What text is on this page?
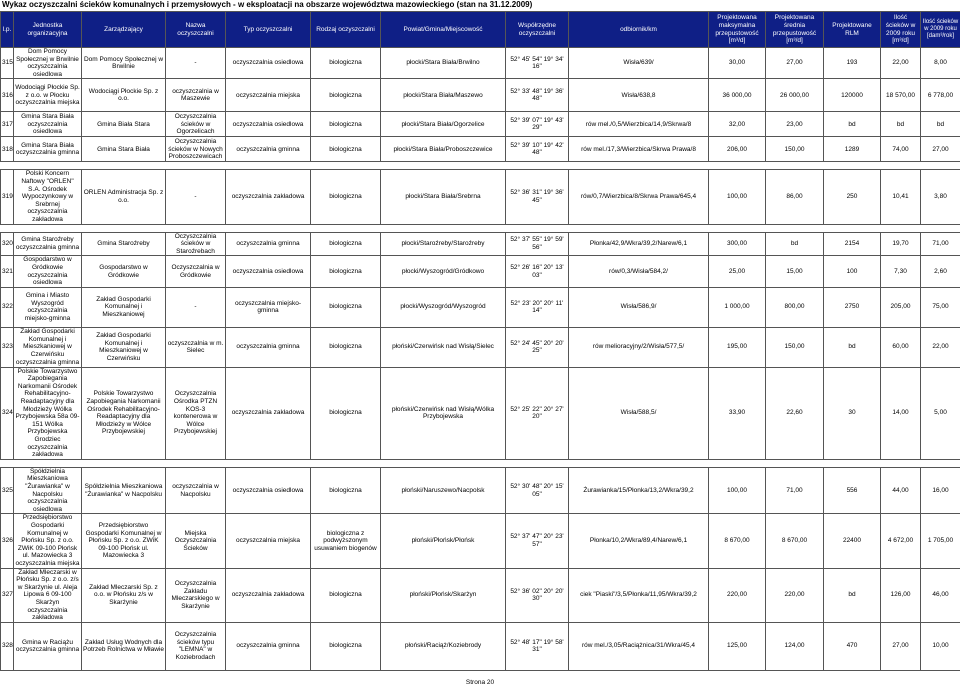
Wykaz oczyszczalni ścieków komunalnych i przemysłowych - w eksploatacji na obszarze województwa mazowieckiego (stan na 31.12.2009)
l.p.	Jednostka organizacyjna	Zarządzający	Nazwa oczyszczalni	Typ oczyszczalni	Rodzaj oczyszczalni	Powiat/Gmina/Miejscowość	Współrzędne oczyszczalni	odbiornik/km	Projektowana maksymalna przepustowość [m³/d]	Projektowana średnia przepustowość [m³/d]	Projektowane RLM	Ilość ścieków w 2009 roku [m³/d]	Ilość ścieków w 2009 roku [dam³/rok]
315	Dom Pomocy Społecznej w Brwilnie oczyszczalnia osiedlowa	Dom Pomocy Społecznej w Brwilnie	-	oczyszczalnia osiedlowa	biologiczna	płocki/Stara Biała/Brwilno	52° 45' 54" 19° 34' 16"	Wisła/639/	30,00	27,00	193	22,00	8,00
316	Wodociągi Płockie Sp. z o.o. w Płocku oczyszczalnia miejska	Wodociągi Płockie Sp. z o.o.	oczyszczalnia w Maszewie	oczyszczalnia miejska	biologiczna	płocki/Stara Biała/Maszewo	52° 33' 48" 19° 36' 48"	Wisła/638,8	36 000,00	26 000,00	120000	18 570,00	6 778,00
317	Gmina Stara Biała oczyszczalnia osiedlowa	Gmina Biała Stara	Oczyszczalnia ścieków w Ogorzelicach	oczyszczalnia osiedlowa	biologiczna	płocki/Stara Biała/Ogorzelice	52° 39' 07" 19° 43' 29"	rów mel./0,5/Wierzbica/14,9/Skrwa/8	32,00	23,00	bd	bd	bd
318	Gmina Stara Biała oczyszczalnia gminna	Gmina Stara Biała	Oczyszczalnia ścieków w Nowych Proboszczewicach	oczyszczalnia gminna	biologiczna	płocki/Stara Biała/Proboszczewice	52° 39' 10" 19° 42' 48"	rów mel./17,3/Wierzbica/Skrwa Prawa/8	206,00	150,00	1289	74,00	27,00

319	Polski Koncern Naftowy "ORLEN" S.A. Ośrodek Wypoczynkowy w Srebrnej oczyszczalnia zakładowa	ORLEN Administracja Sp. z o.o.	-	oczyszczalnia zakładowa	biologiczna	płocki/Stara Biała/Srebrna	52° 36' 31" 19° 36' 45"	rów/0,7/Wierzbica/8/Skrwa Prawa/645,4	100,00	86,00	250	10,41	3,80

320	Gmina Staroźreby oczyszczalnia gminna	Gmina Staroźreby	Oczyszczalnia ścieków w Staroźrebach	oczyszczalnia gminna	biologiczna	płocki/Staroźreby/Staroźreby	52° 37' 55" 19° 59' 56"	Płonka/42,9/Wkra/39,2/Narew/6,1	300,00	bd	2154	19,70	71,00
321	Gospodarstwo w Gródkowie oczyszczalnia osiedlowa	Gospodarstwo w Gródkowie	Oczyszczalnia w Gródkowie	oczyszczalnia osiedlowa	biologiczna	płocki/Wyszogród/Gródkowo	52° 26' 16" 20° 13' 03"	rów/0,3/Wisła/584,2/	25,00	15,00	100	7,30	2,60
322	Gmina i Miasto Wyszogród oczyszczalnia miejsko-gminna	Zakład Gospodarki Komunalnej i Mieszkaniowej	-	oczyszczalnia miejsko-gminna	biologiczna	płocki/Wyszogród/Wyszogród	52° 23' 20" 20° 11' 14"	Wisła/586,9/	1 000,00	800,00	2750	205,00	75,00
323	Zakład Gospodarki Komunalnej i Mieszkaniowej w Czerwińsku oczyszczalnia gminna	Zakład Gospodarki Komunalnej i Mieszkaniowej w Czerwińsku	oczyszczalnia w m. Sielec	oczyszczalnia gminna	biologiczna	płoński/Czerwińsk nad Wisłą/Sielec	52° 24' 45" 20° 20' 25"	rów melioracyjny/2/Wisła/577,5/	195,00	150,00	bd	60,00	22,00
324	Polskie Towarzystwo Zapobiegania Narkomanii Ośrodek Rehabilitacyjno-Readaptacyjny dla Młodzieży Wólka Przybojewska 58a 09-151 Wólka Przybojewska Grodziec oczyszczalnia zakładowa	Polskie Towarzystwo Zapobiegania Narkomanii Ośrodek Rehabilitacyjno-Readaptacyjny dla Młodzieży w Wólce Przybojewskiej	Oczyszczalnia Ośrodka PTZN KOS-3 kontenerowa w Wólce Przybojewskiej	oczyszczalnia zakładowa	biologiczna	płoński/Czerwińsk nad Wisłą/Wólka Przybojewska	52° 25' 22" 20° 27' 20"	Wisła/588,5/	33,90	22,60	30	14,00	5,00

325	Spółdzielnia Mieszkaniowa "Żurawianka" w Nacpolsku oczyszczalnia osiedlowa	Spółdzielnia Mieszkaniowa "Żurawianka" w Nacpolsku	oczyszczalnia w Nacpolsku	oczyszczalnia osiedlowa	biologiczna	płoński/Naruszewo/Nacpolsk	52° 30' 48" 20° 15' 05"	Żurawianka/15/Płonka/13,2/Wkra/39,2	100,00	71,00	556	44,00	16,00
326	Przedsiębiorstwo Gospodarki Komunalnej w Płońsku Sp. z o.o. ZWiK 09-100 Płońsk ul. Mazowiecka 3 oczyszczalnia miejska	Przedsiębiorstwo Gospodarki Komunalnej w Płońsku Sp. z o.o. ZWiK 09-100 Płońsk ul. Mazowiecka 3	Miejska Oczyszczalnia Ścieków	oczyszczalnia miejska	biologiczna z podwyższonym usuwaniem biogenów	płoński/Płońsk/Płońsk	52° 37' 47" 20° 23' 57"	Płonka/10,2/Wkra/89,4/Narew/6,1	8 670,00	8 670,00	22400	4 672,00	1 705,00
327	Zakład Mleczarski w Płońsku Sp. z o.o. z/s w Skarżynie ul. Aleja Lipowa 6 09-100 Skarżyn oczyszczalnia zakładowa	Zakład Mleczarski Sp. z o.o. w Płońsku z/s w Skarżynie	Oczyszczalnia Zakładu Mleczarskiego w Skarżynie	oczyszczalnia zakładowa	biologiczna	płoński/Płońsk/Skarżyn	52° 36' 02" 20° 20' 30"	ciek "Piaski"/3,5/Płonka/11,95/Wkra/39,2	220,00	220,00	bd	126,00	46,00
328	Gmina w Raciążu oczyszczalnia gminna	Zakład Usług Wodnych dla Potrzeb Rolnictwa w Mławie	Oczyszczalnia ścieków typu "LEMNA" w Koziebrodach	oczyszczalnia gminna	biologiczna	płoński/Raciąż/Koziebrody	52° 48' 17" 19° 58' 31"	rów mel./3,05/Raciążnica/31/Wkra/45,4	125,00	124,00	470	27,00	10,00
Strona 20
